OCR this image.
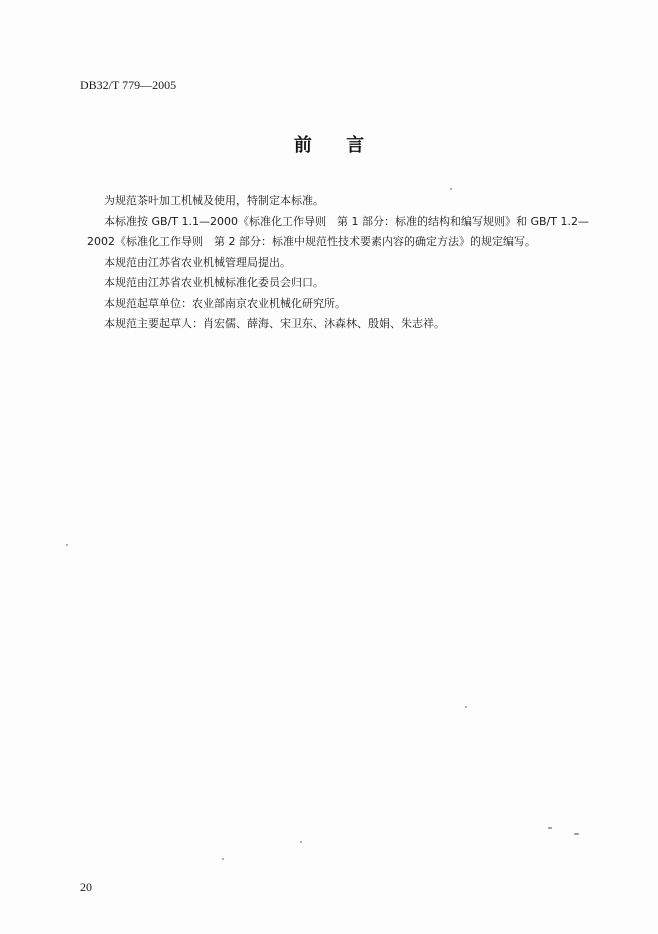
DB32/T 779—2005
前 言
为规范茶叶加工机械及使用，特制定本标准。
本标准按 GB/T 1.1—2000《标准化工作导则　第 1 部分：标准的结构和编写规则》和 GB/T 1.2—
2002《标准化工作导则　第 2 部分：标准中规范性技术要素内容的确定方法》的规定编写。
本规范由江苏省农业机械管理局提出。
本规范由江苏省农业机械标准化委员会归口。
本规范起草单位：农业部南京农业机械化研究所。
本规范主要起草人：肖宏儒、薛海、宋卫东、沐森林、殷娟、朱志祥。
20
